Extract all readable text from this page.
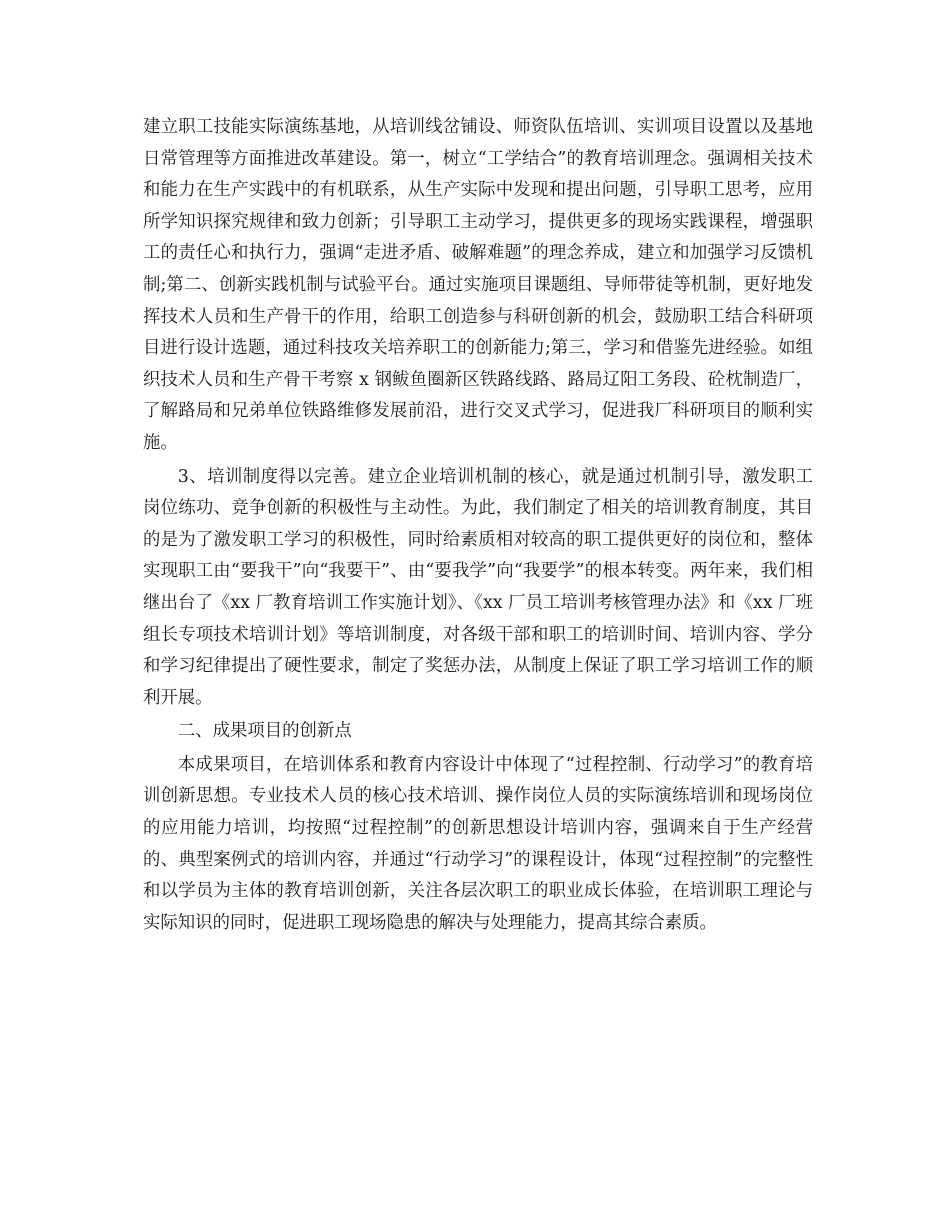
建立职工技能实际演练基地，从培训线岔铺设、师资队伍培训、实训项目设置以及基地日常管理等方面推进改革建设。第一，树立“工学结合”的教育培训理念。强调相关技术和能力在生产实践中的有机联系，从生产实际中发现和提出问题，引导职工思考，应用所学知识探究规律和致力创新；引导职工主动学习，提供更多的现场实践课程，增强职工的责任心和执行力，强调“走进矛盾、破解难题”的理念养成，建立和加强学习反馈机制;第二、创新实践机制与试验平台。通过实施项目课题组、导师带徒等机制，更好地发挥技术人员和生产骨干的作用，给职工创造参与科研创新的机会，鼓励职工结合科研项目进行设计选题，通过科技攻关培养职工的创新能力;第三，学习和借鉴先进经验。如组织技术人员和生产骨干考察 x 钢鲅鱼圈新区铁路线路、路局辽阳工务段、砼枕制造厂，了解路局和兄弟单位铁路维修发展前沿，进行交叉式学习，促进我厂科研项目的顺利实施。

3、培训制度得以完善。建立企业培训机制的核心，就是通过机制引导，激发职工岗位练功、竞争创新的积极性与主动性。为此，我们制定了相关的培训教育制度，其目的是为了激发职工学习的积极性，同时给素质相对较高的职工提供更好的岗位和，整体实现职工由“要我干”向“我要干”、由“要我学”向“我要学”的根本转变。两年来，我们相继出台了《xx 厂教育培训工作实施计划》、《xx 厂员工培训考核管理办法》和《xx 厂班组长专项技术培训计划》等培训制度，对各级干部和职工的培训时间、培训内容、学分和学习纪律提出了硬性要求，制定了奖惩办法，从制度上保证了职工学习培训工作的顺利开展。

二、成果项目的创新点

本成果项目，在培训体系和教育内容设计中体现了“过程控制、行动学习”的教育培训创新思想。专业技术人员的核心技术培训、操作岗位人员的实际演练培训和现场岗位的应用能力培训，均按照“过程控制”的创新思想设计培训内容，强调来自于生产经营的、典型案例式的培训内容，并通过“行动学习”的课程设计，体现“过程控制”的完整性和以学员为主体的教育培训创新，关注各层次职工的职业成长体验，在培训职工理论与实际知识的同时，促进职工现场隐患的解决与处理能力，提高其综合素质。
